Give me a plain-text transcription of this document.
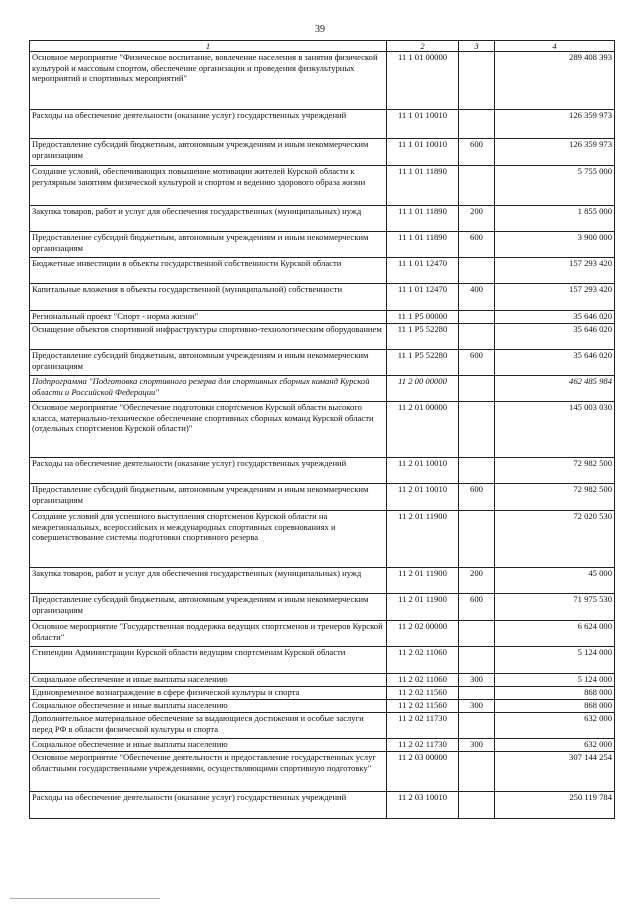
39
1	2	3	4
Основное мероприятие "Физическое воспитание, вовлечение населения в занятия физической культурой и массовым спортом, обеспечение организации и проведения физкультурных мероприятий и спортивных мероприятий"	11 1 01 00000		289 408 393
Расходы на обеспечение деятельности (оказание услуг) государственных учреждений	11 1 01 10010		126 359 973
Предоставление субсидий бюджетным, автономным учреждениям и иным некоммерческим организациям	11 1 01 10010	600	126 359 973
Создание условий, обеспечивающих повышение мотивации жителей Курской области к регулярным занятиям физической культурой и спортом и ведению здорового образа жизни	11 1 01 11890		5 755 000
Закупка товаров, работ и услуг для обеспечения государственных (муниципальных) нужд	11 1 01 11890	200	1 855 000
Предоставление субсидий бюджетным, автономным учреждениям и иным некоммерческим организациям	11 1 01 11890	600	3 900 000
Бюджетные инвестиции в объекты государственной собственности Курской области	11 1 01 12470		157 293 420
Капитальные вложения в объекты государственной (муниципальной) собственности	11 1 01 12470	400	157 293 420
Региональный проект "Спорт - норма жизни"	11 1 P5 00000		35 646 020
Оснащение объектов спортивной инфраструктуры спортивно-технологическим оборудованием	11 1 P5 52280		35 646 020
Предоставление субсидий бюджетным, автономным учреждениям и иным некоммерческим организациям	11 1 P5 52280	600	35 646 020
Подпрограмма "Подготовка спортивного резерва для спортивных сборных команд Курской области и Российской Федерации"	11 2 00 00000		462 485 984
Основное мероприятие "Обеспечение подготовки спортсменов Курской области высокого класса, материально-техническое обеспечение спортивных сборных команд Курской области (отдельных спортсменов Курской области)"	11 2 01 00000		145 003 030
Расходы на обеспечение деятельности (оказание услуг) государственных учреждений	11 2 01 10010		72 982 500
Предоставление субсидий бюджетным, автономным учреждениям и иным некоммерческим организациям	11 2 01 10010	600	72 982 500
Создание условий для успешного выступления спортсменов Курской области на межрегиональных, всероссийских и международных спортивных соревнованиях и совершенствование системы подготовки спортивного резерва	11 2 01 11900		72 020 530
Закупка товаров, работ и услуг для обеспечения государственных (муниципальных) нужд	11 2 01 11900	200	45 000
Предоставление субсидий бюджетным, автономным учреждениям и иным некоммерческим организациям	11 2 01 11900	600	71 975 530
Основное мероприятие "Государственная поддержка ведущих спортсменов и тренеров Курской области"	11 2 02 00000		6 624 000
Стипендии Администрации Курской области ведущим спортсменам Курской области	11 2 02 11060		5 124 000
Социальное обеспечение и иные выплаты населению	11 2 02 11060	300	5 124 000
Единовременное вознаграждение в сфере физической культуры и спорта	11 2 02 11560		868 000
Социальное обеспечение и иные выплаты населению	11 2 02 11560	300	868 000
Дополнительное материальное обеспечение за выдающиеся достижения и особые заслуги перед РФ в области физической культуры и спорта	11 2 02 11730		632 000
Социальное обеспечение и иные выплаты населению	11 2 02 11730	300	632 000
Основное мероприятие "Обеспечение деятельности и предоставление государственных услуг областными государственными учреждениями, осуществляющими спортивную подготовку"	11 2 03 00000		307 144 254
Расходы на обеспечение деятельности (оказание услуг) государственных учреждений	11 2 03 10010		250 119 784
